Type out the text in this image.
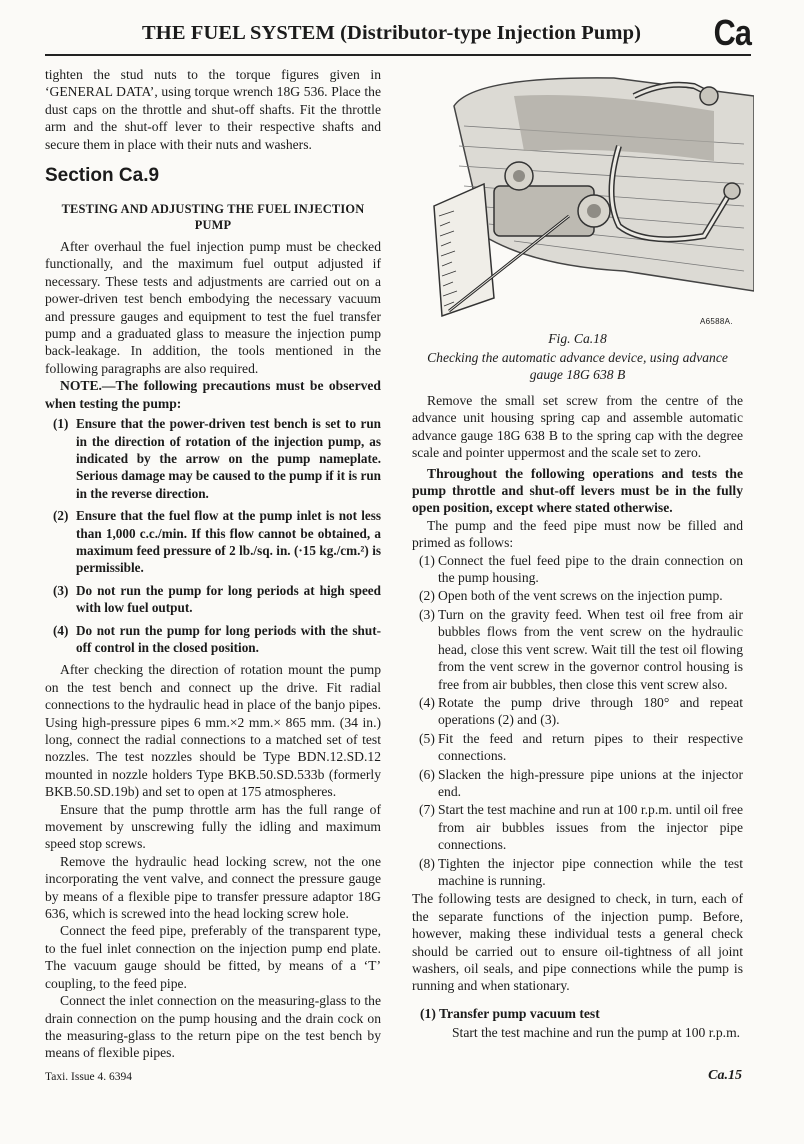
THE FUEL SYSTEM (Distributor-type Injection Pump) Ca

tighten the stud nuts to the torque figures given in ‘GENERAL DATA’, using torque wrench 18G 536. Place the dust caps on the throttle and shut-off shafts. Fit the throttle arm and the shut-off lever to their respective shafts and secure them in place with their nuts and washers.

Section Ca.9
TESTING AND ADJUSTING THE FUEL INJECTION PUMP

After overhaul the fuel injection pump must be checked functionally, and the maximum fuel output adjusted if necessary. These tests and adjustments are carried out on a power-driven test bench embodying the necessary vacuum and pressure gauges and equipment to test the fuel transfer pump and a graduated glass to measure the injection pump back-leakage. In addition, the tools mentioned in the following paragraphs are also required.

NOTE.—The following precautions must be observed when testing the pump:

(1) Ensure that the power-driven test bench is set to run in the direction of rotation of the injection pump, as indicated by the arrow on the pump nameplate. Serious damage may be caused to the pump if it is run in the reverse direction.
(2) Ensure that the fuel flow at the pump inlet is not less than 1,000 c.c./min. If this flow cannot be obtained, a maximum feed pressure of 2 lb./sq. in. (·15 kg./cm.²) is permissible.
(3) Do not run the pump for long periods at high speed with low fuel output.
(4) Do not run the pump for long periods with the shut-off control in the closed position.

After checking the direction of rotation mount the pump on the test bench and connect up the drive. Fit radial connections to the hydraulic head in place of the banjo pipes. Using high-pressure pipes 6 mm.×2 mm.× 865 mm. (34 in.) long, connect the radial connections to a matched set of test nozzles. The test nozzles should be Type BDN.12.SD.12 mounted in nozzle holders Type BKB.50.SD.533b (formerly BKB.50.SD.19b) and set to open at 175 atmospheres.

Ensure that the pump throttle arm has the full range of movement by unscrewing fully the idling and maximum speed stop screws.

Remove the hydraulic head locking screw, not the one incorporating the vent valve, and connect the pressure gauge by means of a flexible pipe to transfer pressure adaptor 18G 636, which is screwed into the head locking screw hole.

Connect the feed pipe, preferably of the transparent type, to the fuel inlet connection on the injection pump end plate. The vacuum gauge should be fitted, by means of a ‘T’ coupling, to the feed pipe.

Connect the inlet connection on the measuring-glass to the drain connection on the pump housing and the drain cock on the measuring-glass to the return pipe on the test bench by means of flexible pipes.

A6588A.
Fig. Ca.18
Checking the automatic advance device, using advance gauge 18G 638 B

Remove the small set screw from the centre of the advance unit housing spring cap and assemble automatic advance gauge 18G 638 B to the spring cap with the degree scale and pointer uppermost and the scale set to zero.

Throughout the following operations and tests the pump throttle and shut-off levers must be in the fully open position, except where stated otherwise.

The pump and the feed pipe must now be filled and primed as follows:

(1) Connect the fuel feed pipe to the drain connection on the pump housing.
(2) Open both of the vent screws on the injection pump.
(3) Turn on the gravity feed. When test oil free from air bubbles flows from the vent screw on the hydraulic head, close this vent screw. Wait till the test oil flowing from the vent screw in the governor control housing is free from air bubbles, then close this vent screw also.
(4) Rotate the pump drive through 180° and repeat operations (2) and (3).
(5) Fit the feed and return pipes to their respective connections.
(6) Slacken the high-pressure pipe unions at the injector end.
(7) Start the test machine and run at 100 r.p.m. until oil free from air bubbles issues from the injector pipe connections.
(8) Tighten the injector pipe connection while the test machine is running.

The following tests are designed to check, in turn, each of the separate functions of the injection pump. Before, however, making these individual tests a general check should be carried out to ensure oil-tightness of all joint washers, oil seals, and pipe connections while the pump is running and when stationary.

(1) Transfer pump vacuum test

Start the test machine and run the pump at 100 r.p.m.

Taxi. Issue 4. 6394	Ca.15
